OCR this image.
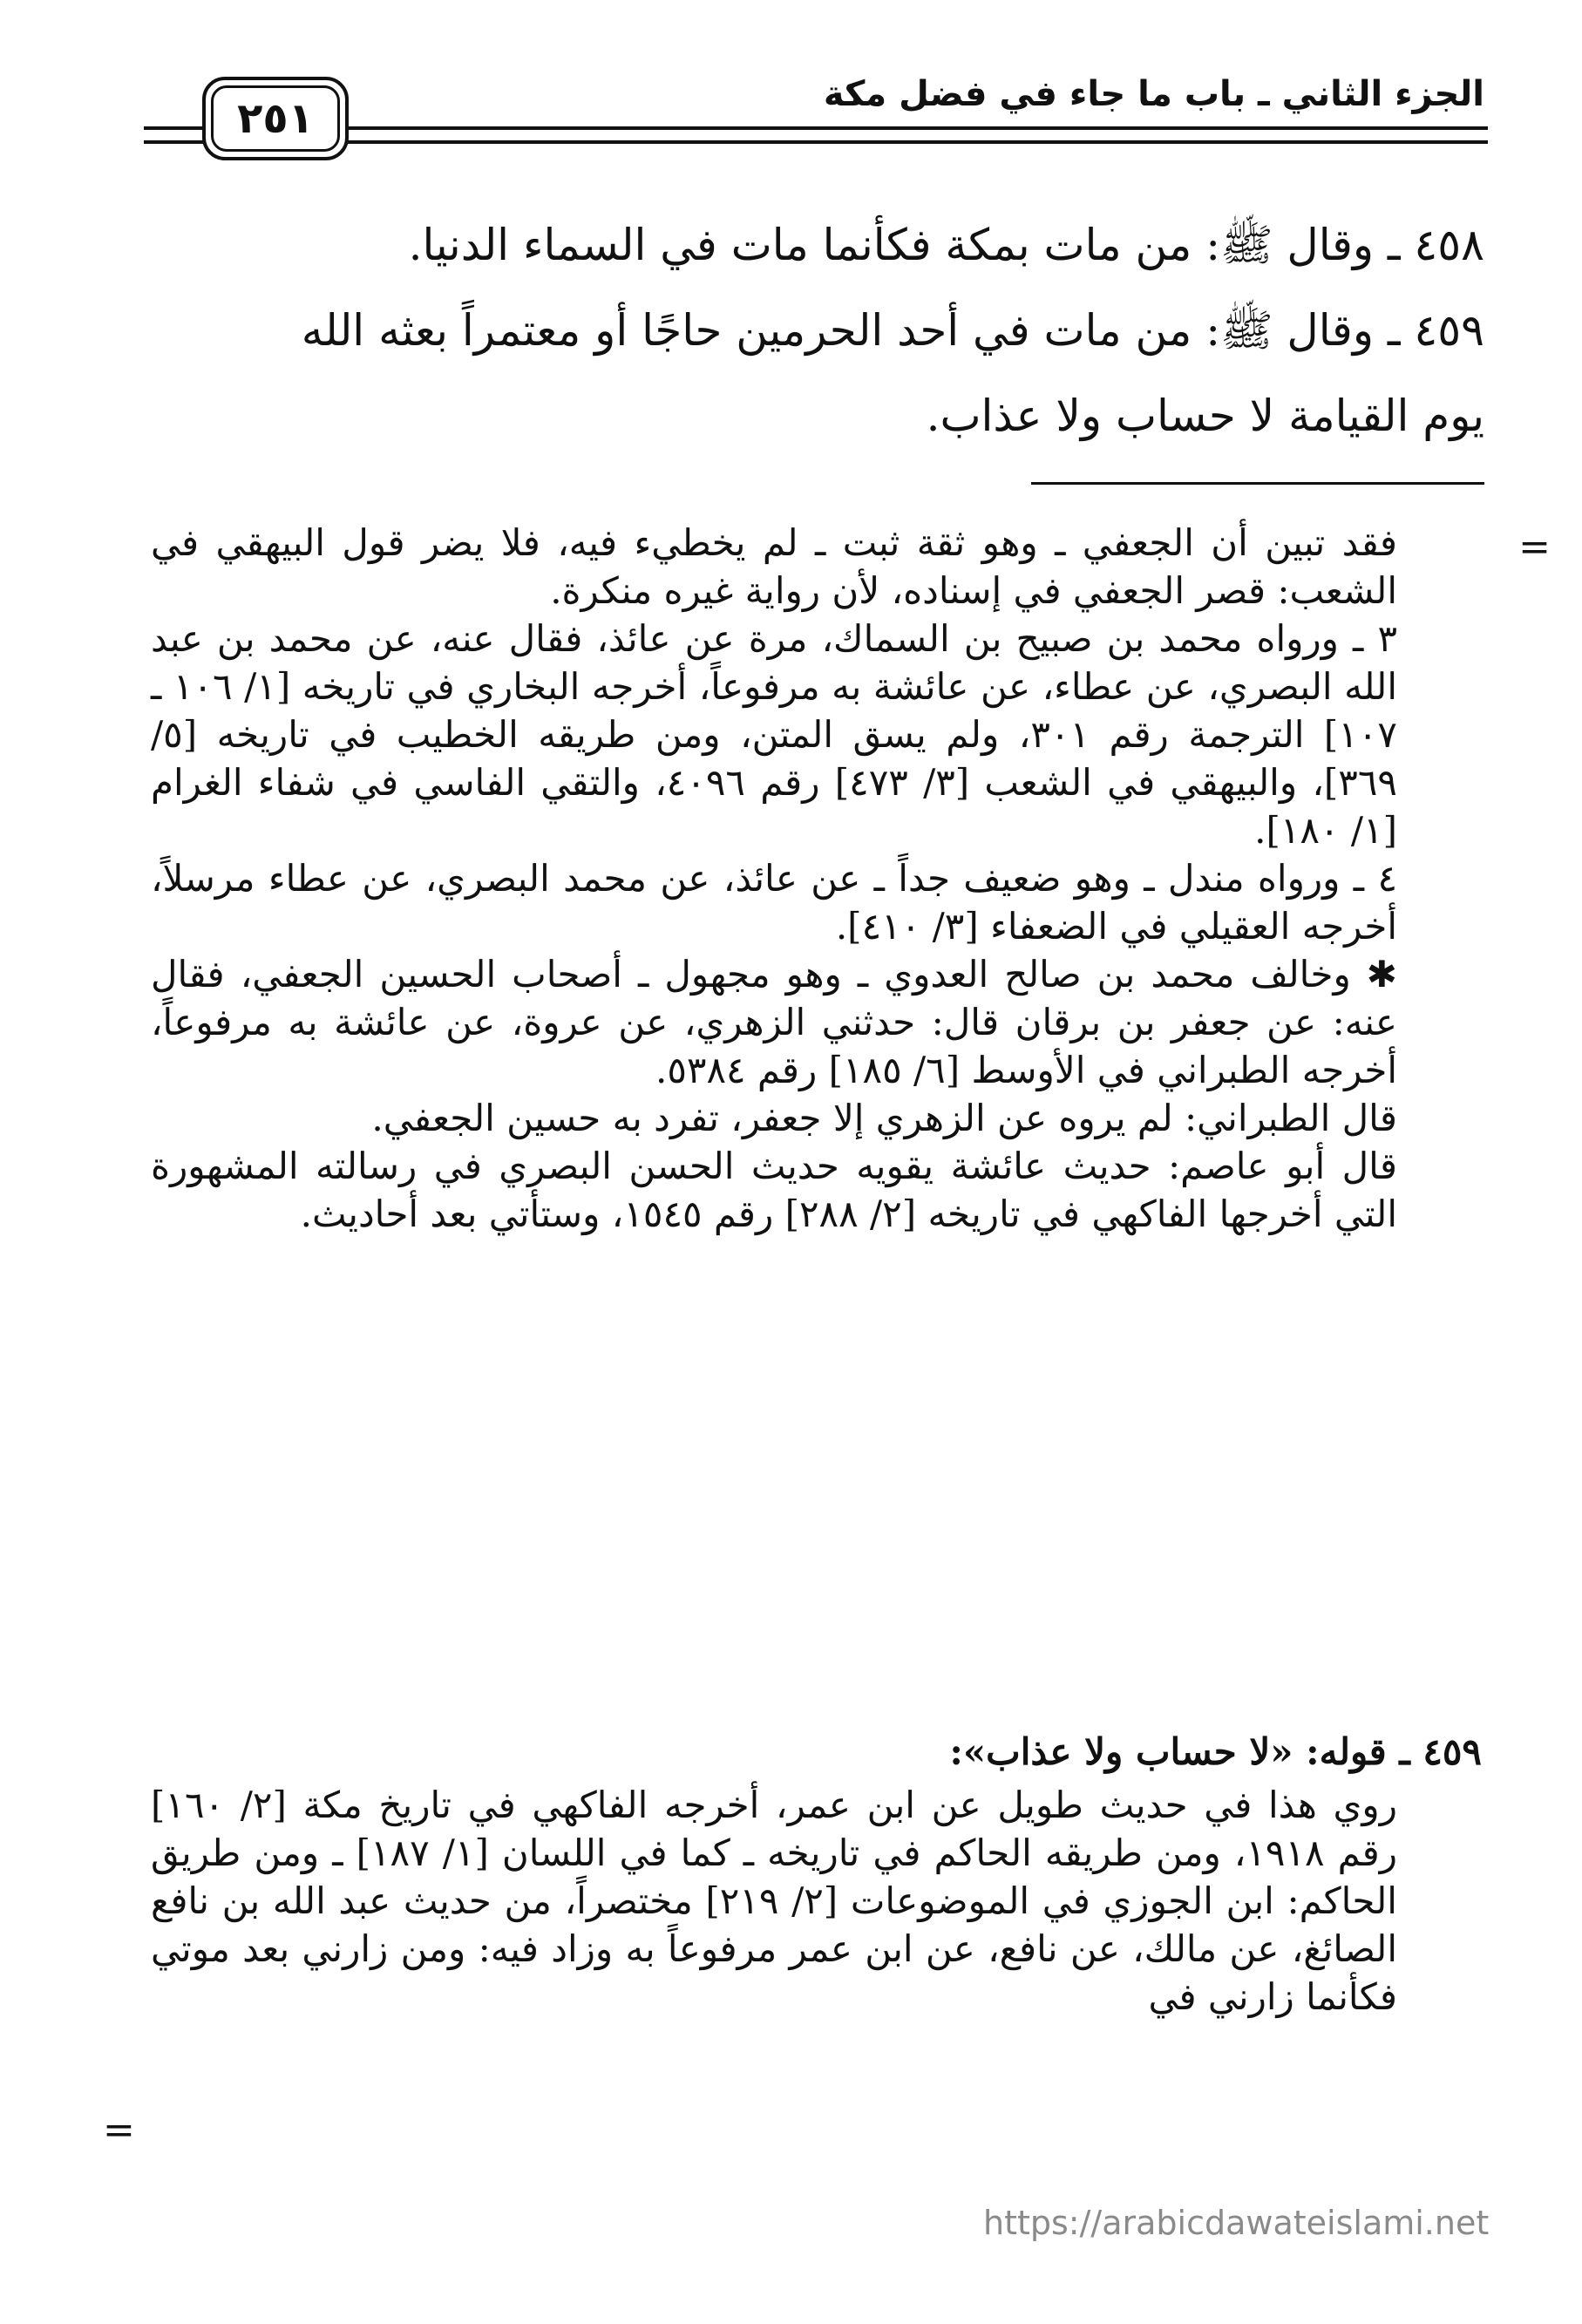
الجزء الثاني ـ باب ما جاء في فضل مكة
٢٥١

٤٥٨ ـ وقال ﷺ: من مات بمكة فكأنما مات في السماء الدنيا.

٤٥٩ ـ وقال ﷺ: من مات في أحد الحرمين حاجًا أو معتمراً بعثه الله

يوم القيامة لا حساب ولا عذاب.

=

فقد تبين أن الجعفي ـ وهو ثقة ثبت ـ لم يخطيء فيه، فلا يضر قول البيهقي في الشعب: قصر الجعفي في إسناده، لأن رواية غيره منكرة.

٣ ـ ورواه محمد بن صبيح بن السماك، مرة عن عائذ، فقال عنه، عن محمد بن عبد الله البصري، عن عطاء، عن عائشة به مرفوعاً، أخرجه البخاري في تاريخه [١/ ١٠٦ ـ ١٠٧] الترجمة رقم ٣٠١، ولم يسق المتن، ومن طريقه الخطيب في تاريخه [٥/ ٣٦٩]، والبيهقي في الشعب [٣/ ٤٧٣] رقم ٤٠٩٦، والتقي الفاسي في شفاء الغرام [١/ ١٨٠].

٤ ـ ورواه مندل ـ وهو ضعيف جداً ـ عن عائذ، عن محمد البصري، عن عطاء مرسلاً، أخرجه العقيلي في الضعفاء [٣/ ٤١٠].

✱ وخالف محمد بن صالح العدوي ـ وهو مجهول ـ أصحاب الحسين الجعفي، فقال عنه: عن جعفر بن برقان قال: حدثني الزهري، عن عروة، عن عائشة به مرفوعاً، أخرجه الطبراني في الأوسط [٦/ ١٨٥] رقم ٥٣٨٤.

قال الطبراني: لم يروه عن الزهري إلا جعفر، تفرد به حسين الجعفي.

قال أبو عاصم: حديث عائشة يقويه حديث الحسن البصري في رسالته المشهورة التي أخرجها الفاكهي في تاريخه [٢/ ٢٨٨] رقم ١٥٤٥، وستأتي بعد أحاديث.

٤٥٩ ـ قوله: «لا حساب ولا عذاب»:

روي هذا في حديث طويل عن ابن عمر، أخرجه الفاكهي في تاريخ مكة [٢/ ١٦٠] رقم ١٩١٨، ومن طريقه الحاكم في تاريخه ـ كما في اللسان [١/ ١٨٧] ـ ومن طريق الحاكم: ابن الجوزي في الموضوعات [٢/ ٢١٩] مختصراً، من حديث عبد الله بن نافع الصائغ، عن مالك، عن نافع، عن ابن عمر مرفوعاً به وزاد فيه: ومن زارني بعد موتي فكأنما زارني في

=
https://arabicdawateislami.net
